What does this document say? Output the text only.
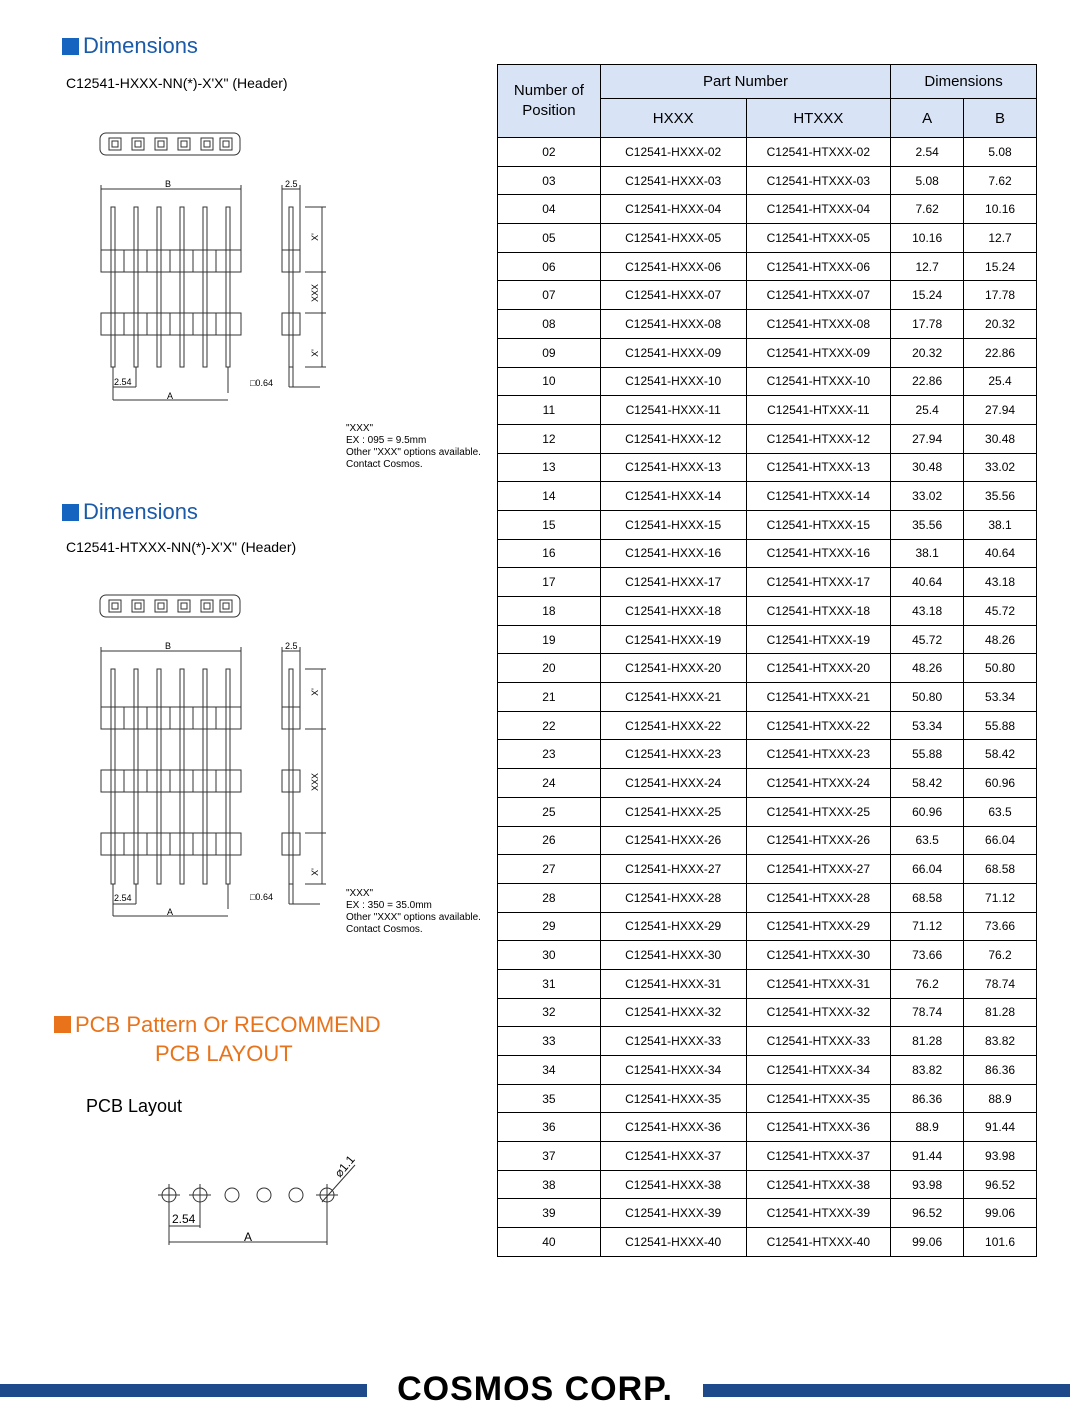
Dimensions
C12541-HXXX-NN(*)-X'X" (Header)
B
A
2.54
2.5
□0.64
X'
XXX
X'
"XXX"
EX : 095 = 9.5mm
Other "XXX" options available.
Contact Cosmos.
Dimensions
C12541-HTXXX-NN(*)-X'X" (Header)
B
A
2.54
2.5
□0.64
X'
XXX
X'
"XXX"
EX : 350 = 35.0mm
Other "XXX" options available.
Contact Cosmos.
PCB Pattern Or RECOMMEND
PCB LAYOUT
PCB Layout
2.54
A
⌀1.1
Number of Position	Part Number		Dimensions	
	HXXX	HTXXX	A	B
02	C12541-HXXX-02	C12541-HTXXX-02	2.54	5.08
03	C12541-HXXX-03	C12541-HTXXX-03	5.08	7.62
04	C12541-HXXX-04	C12541-HTXXX-04	7.62	10.16
05	C12541-HXXX-05	C12541-HTXXX-05	10.16	12.7
06	C12541-HXXX-06	C12541-HTXXX-06	12.7	15.24
07	C12541-HXXX-07	C12541-HTXXX-07	15.24	17.78
08	C12541-HXXX-08	C12541-HTXXX-08	17.78	20.32
09	C12541-HXXX-09	C12541-HTXXX-09	20.32	22.86
10	C12541-HXXX-10	C12541-HTXXX-10	22.86	25.4
11	C12541-HXXX-11	C12541-HTXXX-11	25.4	27.94
12	C12541-HXXX-12	C12541-HTXXX-12	27.94	30.48
13	C12541-HXXX-13	C12541-HTXXX-13	30.48	33.02
14	C12541-HXXX-14	C12541-HTXXX-14	33.02	35.56
15	C12541-HXXX-15	C12541-HTXXX-15	35.56	38.1
16	C12541-HXXX-16	C12541-HTXXX-16	38.1	40.64
17	C12541-HXXX-17	C12541-HTXXX-17	40.64	43.18
18	C12541-HXXX-18	C12541-HTXXX-18	43.18	45.72
19	C12541-HXXX-19	C12541-HTXXX-19	45.72	48.26
20	C12541-HXXX-20	C12541-HTXXX-20	48.26	50.80
21	C12541-HXXX-21	C12541-HTXXX-21	50.80	53.34
22	C12541-HXXX-22	C12541-HTXXX-22	53.34	55.88
23	C12541-HXXX-23	C12541-HTXXX-23	55.88	58.42
24	C12541-HXXX-24	C12541-HTXXX-24	58.42	60.96
25	C12541-HXXX-25	C12541-HTXXX-25	60.96	63.5
26	C12541-HXXX-26	C12541-HTXXX-26	63.5	66.04
27	C12541-HXXX-27	C12541-HTXXX-27	66.04	68.58
28	C12541-HXXX-28	C12541-HTXXX-28	68.58	71.12
29	C12541-HXXX-29	C12541-HTXXX-29	71.12	73.66
30	C12541-HXXX-30	C12541-HTXXX-30	73.66	76.2
31	C12541-HXXX-31	C12541-HTXXX-31	76.2	78.74
32	C12541-HXXX-32	C12541-HTXXX-32	78.74	81.28
33	C12541-HXXX-33	C12541-HTXXX-33	81.28	83.82
34	C12541-HXXX-34	C12541-HTXXX-34	83.82	86.36
35	C12541-HXXX-35	C12541-HTXXX-35	86.36	88.9
36	C12541-HXXX-36	C12541-HTXXX-36	88.9	91.44
37	C12541-HXXX-37	C12541-HTXXX-37	91.44	93.98
38	C12541-HXXX-38	C12541-HTXXX-38	93.98	96.52
39	C12541-HXXX-39	C12541-HTXXX-39	96.52	99.06
40	C12541-HXXX-40	C12541-HTXXX-40	99.06	101.6
COSMOS CORP.
